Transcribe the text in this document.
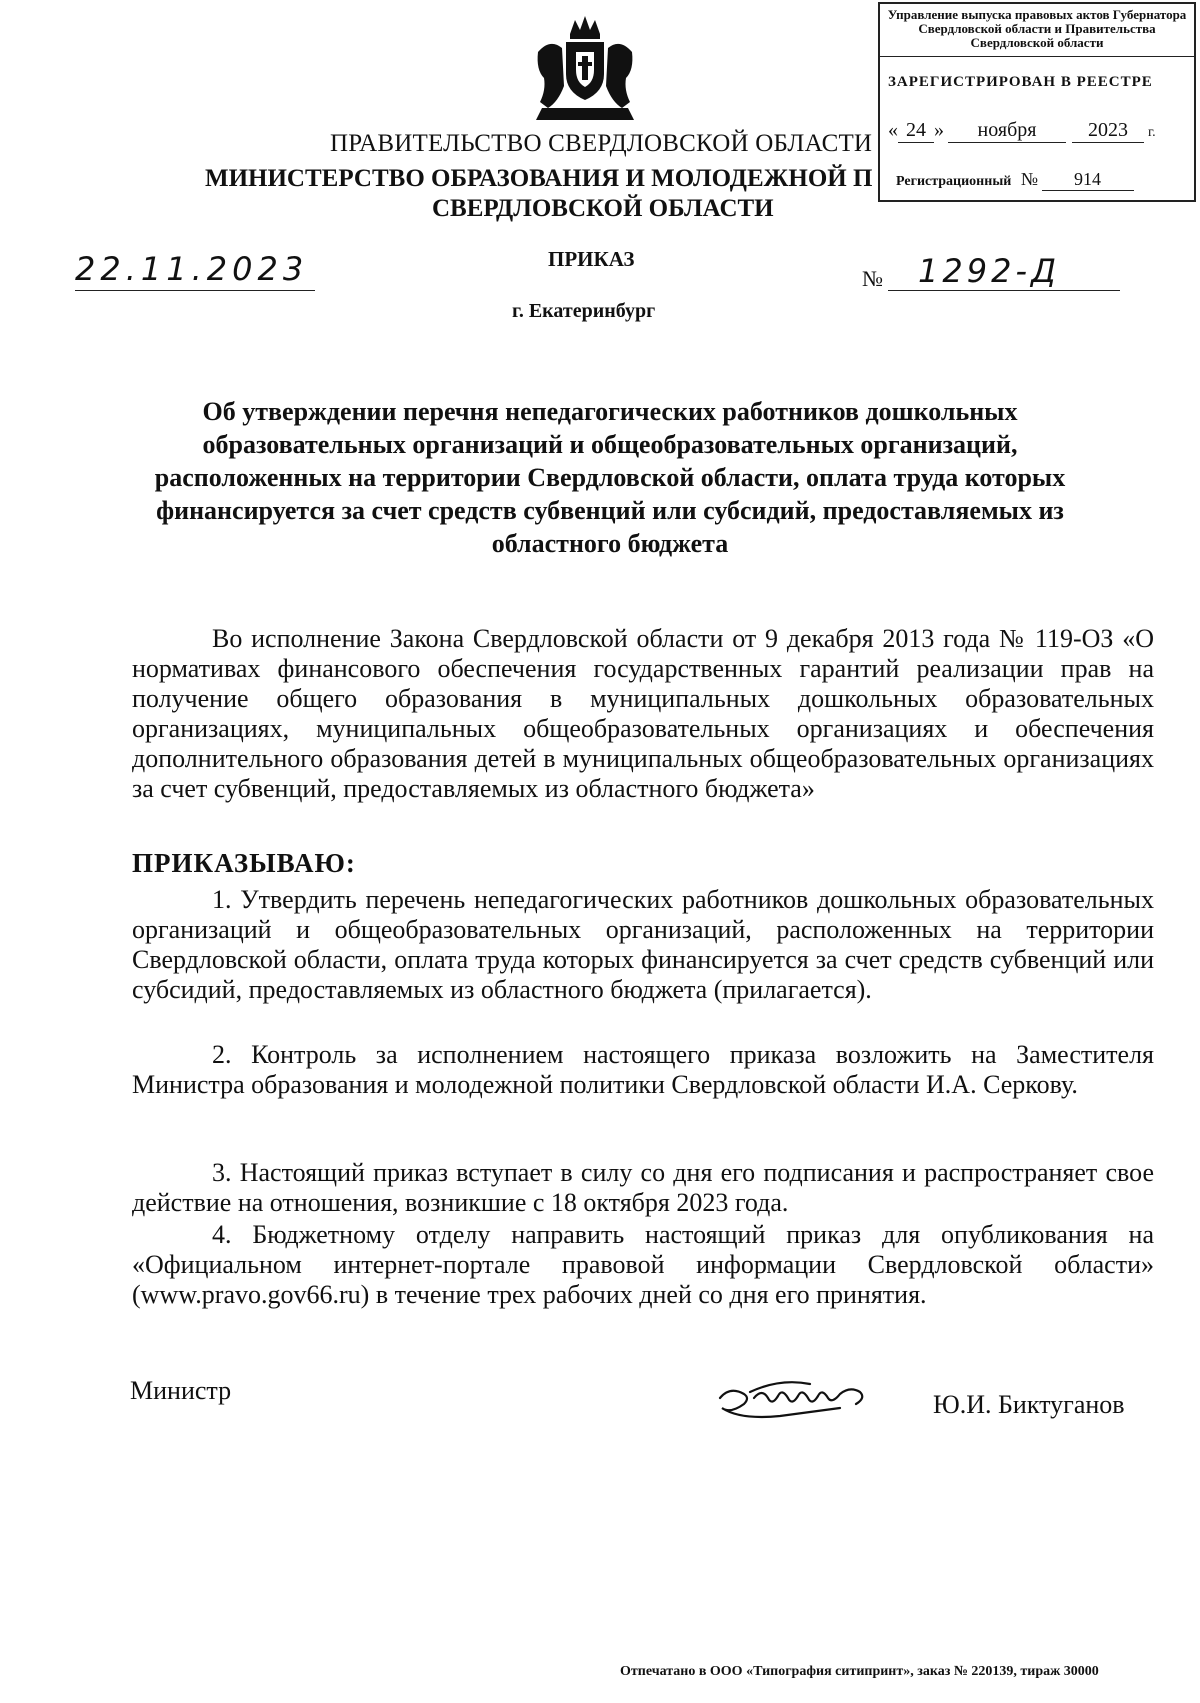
ПРАВИТЕЛЬСТВО СВЕРДЛОВСКОЙ ОБЛАСТИ
МИНИСТЕРСТВО ОБРАЗОВАНИЯ И МОЛОДЕЖНОЙ П
СВЕРДЛОВСКОЙ ОБЛАСТИ
Управление выпуска правовых актов Губернатора Свердловской области и Правительства Свердловской области
ЗАРЕГИСТРИРОВАН В РЕЕСТРЕ
« 24 » ноября	2023 г.
Регистрационный № 914
22.11.2023	ПРИКАЗ
№	1292-Д
г. Екатеринбург
Об утверждении перечня непедагогических работников дошкольных образовательных организаций и общеобразовательных организаций, расположенных на территории Свердловской области, оплата труда которых финансируется за счет средств субвенций или субсидий, предоставляемых из областного бюджета
Во исполнение Закона Свердловской области от 9 декабря 2013 года № 119-ОЗ «О нормативах финансового обеспечения государственных гарантий реализации прав на получение общего образования в муниципальных дошкольных образовательных организациях, муниципальных общеобразовательных организациях и обеспечения дополнительного образования детей в муниципальных общеобразовательных организациях за счет субвенций, предоставляемых из областного бюджета»
ПРИКАЗЫВАЮ:
1. Утвердить перечень непедагогических работников дошкольных образовательных организаций и общеобразовательных организаций, расположенных на территории Свердловской области, оплата труда которых финансируется за счет средств субвенций или субсидий, предоставляемых из областного бюджета (прилагается).
2. Контроль за исполнением настоящего приказа возложить на Заместителя Министра образования и молодежной политики Свердловской области И.А. Серкову.
3. Настоящий приказ вступает в силу со дня его подписания и распространяет свое действие на отношения, возникшие с 18 октября 2023 года.
4. Бюджетному отделу направить настоящий приказ для опубликования на «Официальном интернет-портале правовой информации Свердловской области» (www.pravo.gov66.ru) в течение трех рабочих дней со дня его принятия.
Министр	Ю.И. Биктуганов
Отпечатано в ООО «Типография ситипринт», заказ № 220139, тираж 30000
